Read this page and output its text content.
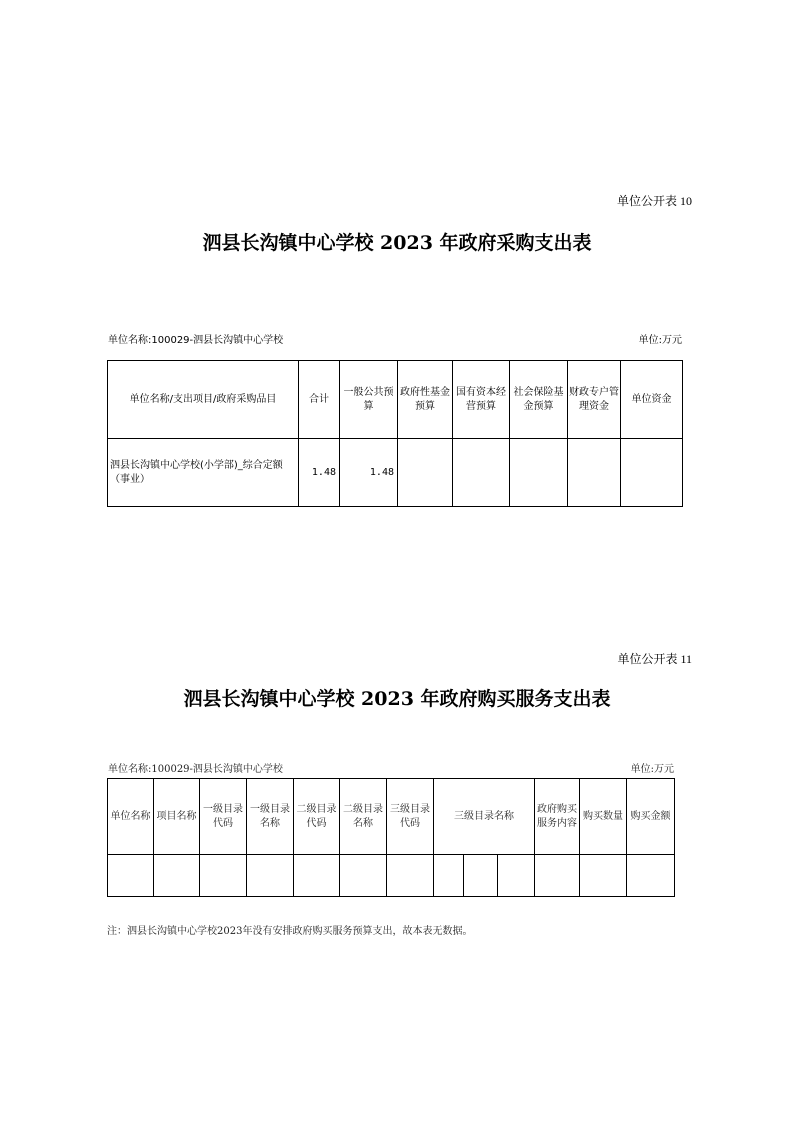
单位公开表 10
泗县长沟镇中心学校 2023 年政府采购支出表
单位名称:100029-泗县长沟镇中心学校	单位:万元
单位名称/支出项目/政府采购品目	合计	一般公共预算	政府性基金预算	国有资本经营预算	社会保险基金预算	财政专户管理资金	单位资金
泗县长沟镇中心学校(小学部)_综合定额（事业）	1.48	1.48					
单位公开表 11
泗县长沟镇中心学校 2023 年政府购买服务支出表
单位名称:100029-泗县长沟镇中心学校	单位:万元
单位名称	项目名称	一级目录代码	一级目录名称	二级目录代码	二级目录名称	三级目录代码	三级目录名称			政府购买服务内容	购买数量	购买金额

注：泗县长沟镇中心学校2023年没有安排政府购买服务预算支出，故本表无数据。
